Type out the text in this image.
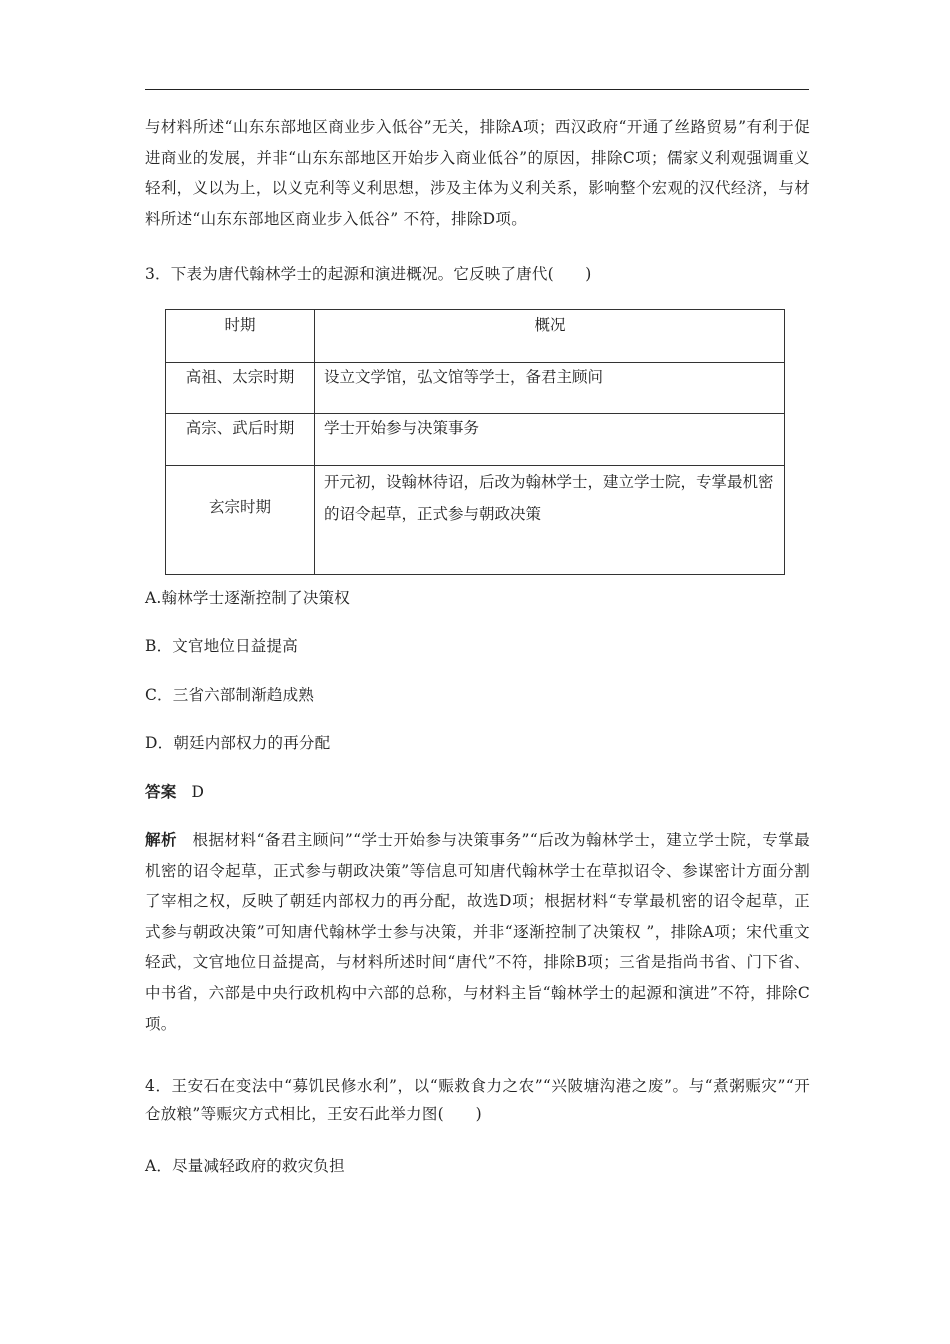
与材料所述“山东东部地区商业步入低谷”无关，排除A项；西汉政府“开通了丝路贸易”有利于促进商业的发展，并非“山东东部地区开始步入商业低谷”的原因，排除C项；儒家义利观强调重义轻利，义以为上，以义克利等义利思想，涉及主体为义利关系，影响整个宏观的汉代经济，与材料所述“山东东部地区商业步入低谷” 不符，排除D项。
3．下表为唐代翰林学士的起源和演进概况。它反映了唐代(　　)
时期	概况
高祖、太宗时期	设立文学馆，弘文馆等学士，备君主顾问
高宗、武后时期	学士开始参与决策事务
玄宗时期	开元初，设翰林待诏，后改为翰林学士，建立学士院，专掌最机密的诏令起草，正式参与朝政决策
A.翰林学士逐渐控制了决策权
B．文官地位日益提高
C．三省六部制渐趋成熟
D．朝廷内部权力的再分配
答案 D
解析 根据材料“备君主顾问”“学士开始参与决策事务”“后改为翰林学士，建立学士院，专掌最机密的诏令起草，正式参与朝政决策”等信息可知唐代翰林学士在草拟诏令、参谋密计方面分割了宰相之权，反映了朝廷内部权力的再分配，故选D项；根据材料“专掌最机密的诏令起草，正式参与朝政决策”可知唐代翰林学士参与决策，并非“逐渐控制了决策权 ”，排除A项；宋代重文轻武，文官地位日益提高，与材料所述时间“唐代”不符，排除B项；三省是指尚书省、门下省、中书省，六部是中央行政机构中六部的总称，与材料主旨“翰林学士的起源和演进”不符，排除C项。
4．王安石在变法中“募饥民修水利”，以“赈救食力之农”“兴陂塘沟港之废”。与“煮粥赈灾”“开仓放粮”等赈灾方式相比，王安石此举力图(　　)
A．尽量减轻政府的救灾负担
